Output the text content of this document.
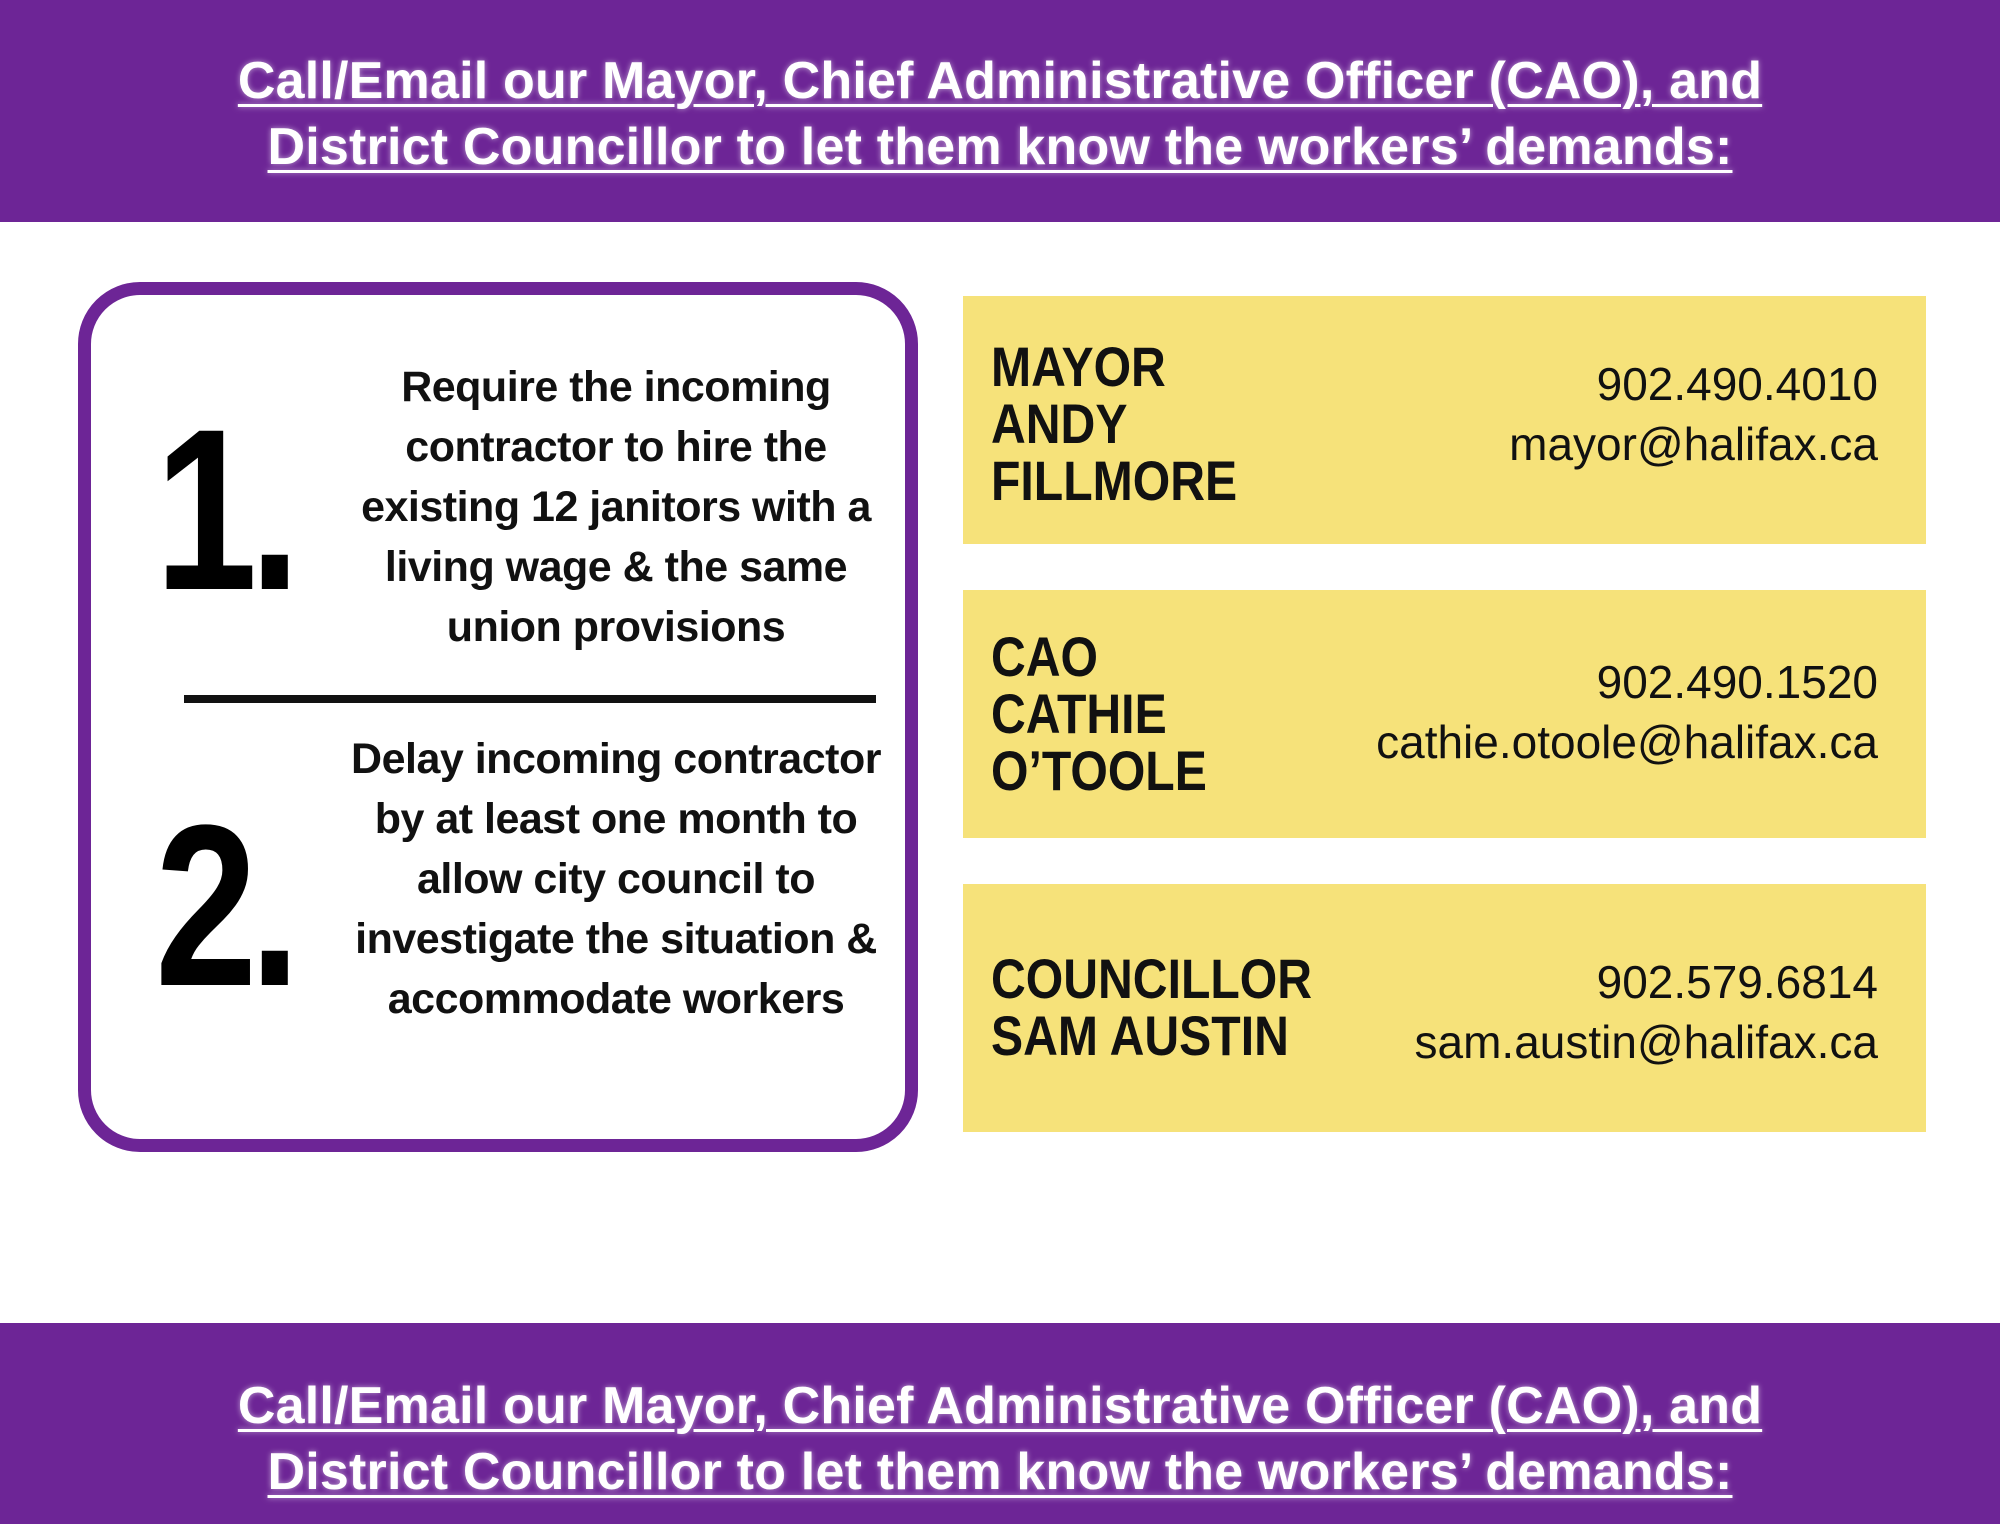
Call/Email our Mayor, Chief Administrative Officer (CAO), and
District Councillor to let them know the workers’ demands:
1.	Require the incoming contractor to hire the existing 12 janitors with a living wage & the same union provisions
2.
Delay incoming contractor by at least one month to allow city council to investigate the situation & accommodate workers
MAYOR
ANDY
FILLMORE
902.490.4010
mayor@halifax.ca
CAO
CATHIE
O’TOOLE
902.490.1520
cathie.otoole@halifax.ca
COUNCILLOR
SAM AUSTIN
902.579.6814
sam.austin@halifax.ca
Call/Email our Mayor, Chief Administrative Officer (CAO), and
District Councillor to let them know the workers’ demands:
